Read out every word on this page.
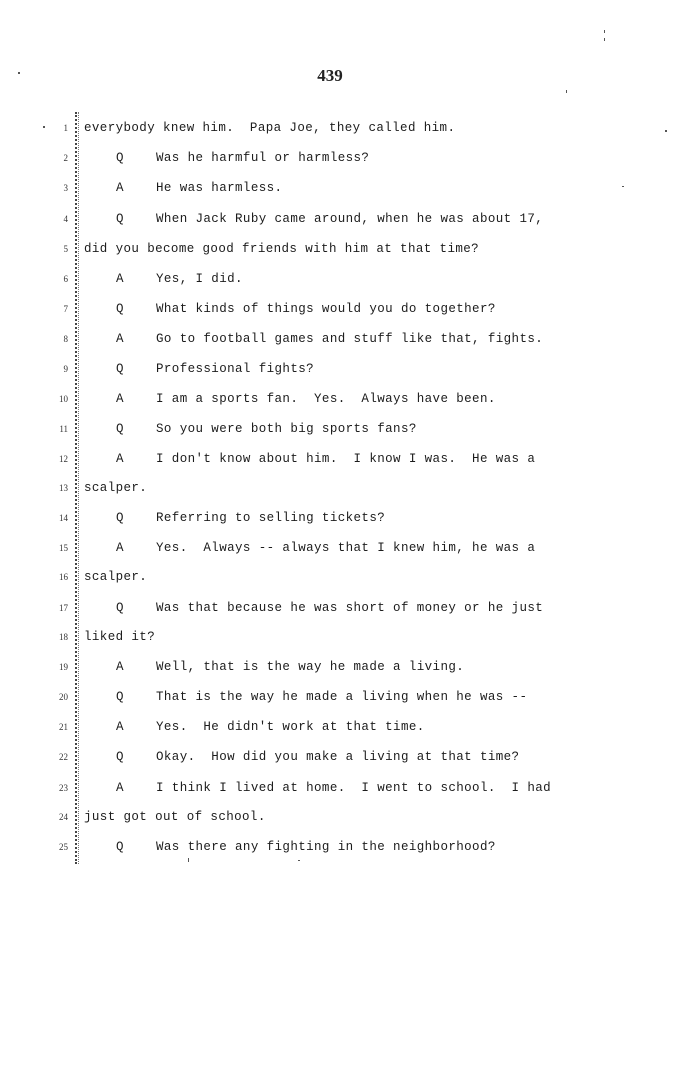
439
1 everybody knew him.  Papa Joe, they called him.
2	Q	Was he harmful or harmless?
3	A	He was harmless.
4	Q	When Jack Ruby came around, when he was about 17,
5 did you become good friends with him at that time?
6	A	Yes, I did.
7	Q	What kinds of things would you do together?
8	A	Go to football games and stuff like that, fights.
9	Q	Professional fights?
10	A	I am a sports fan.  Yes.  Always have been.
11	Q	So you were both big sports fans?
12	A	I don't know about him.  I know I was.  He was a
13 scalper.
14	Q	Referring to selling tickets?
15	A	Yes.  Always -- always that I knew him, he was a
16 scalper.
17	Q	Was that because he was short of money or he just
18 liked it?
19	A	Well, that is the way he made a living.
20	Q	That is the way he made a living when he was --
21	A	Yes.  He didn't work at that time.
22	Q	Okay.  How did you make a living at that time?
23	A	I think I lived at home.  I went to school.  I had
24 just got out of school.
25	Q	Was there any fighting in the neighborhood?
